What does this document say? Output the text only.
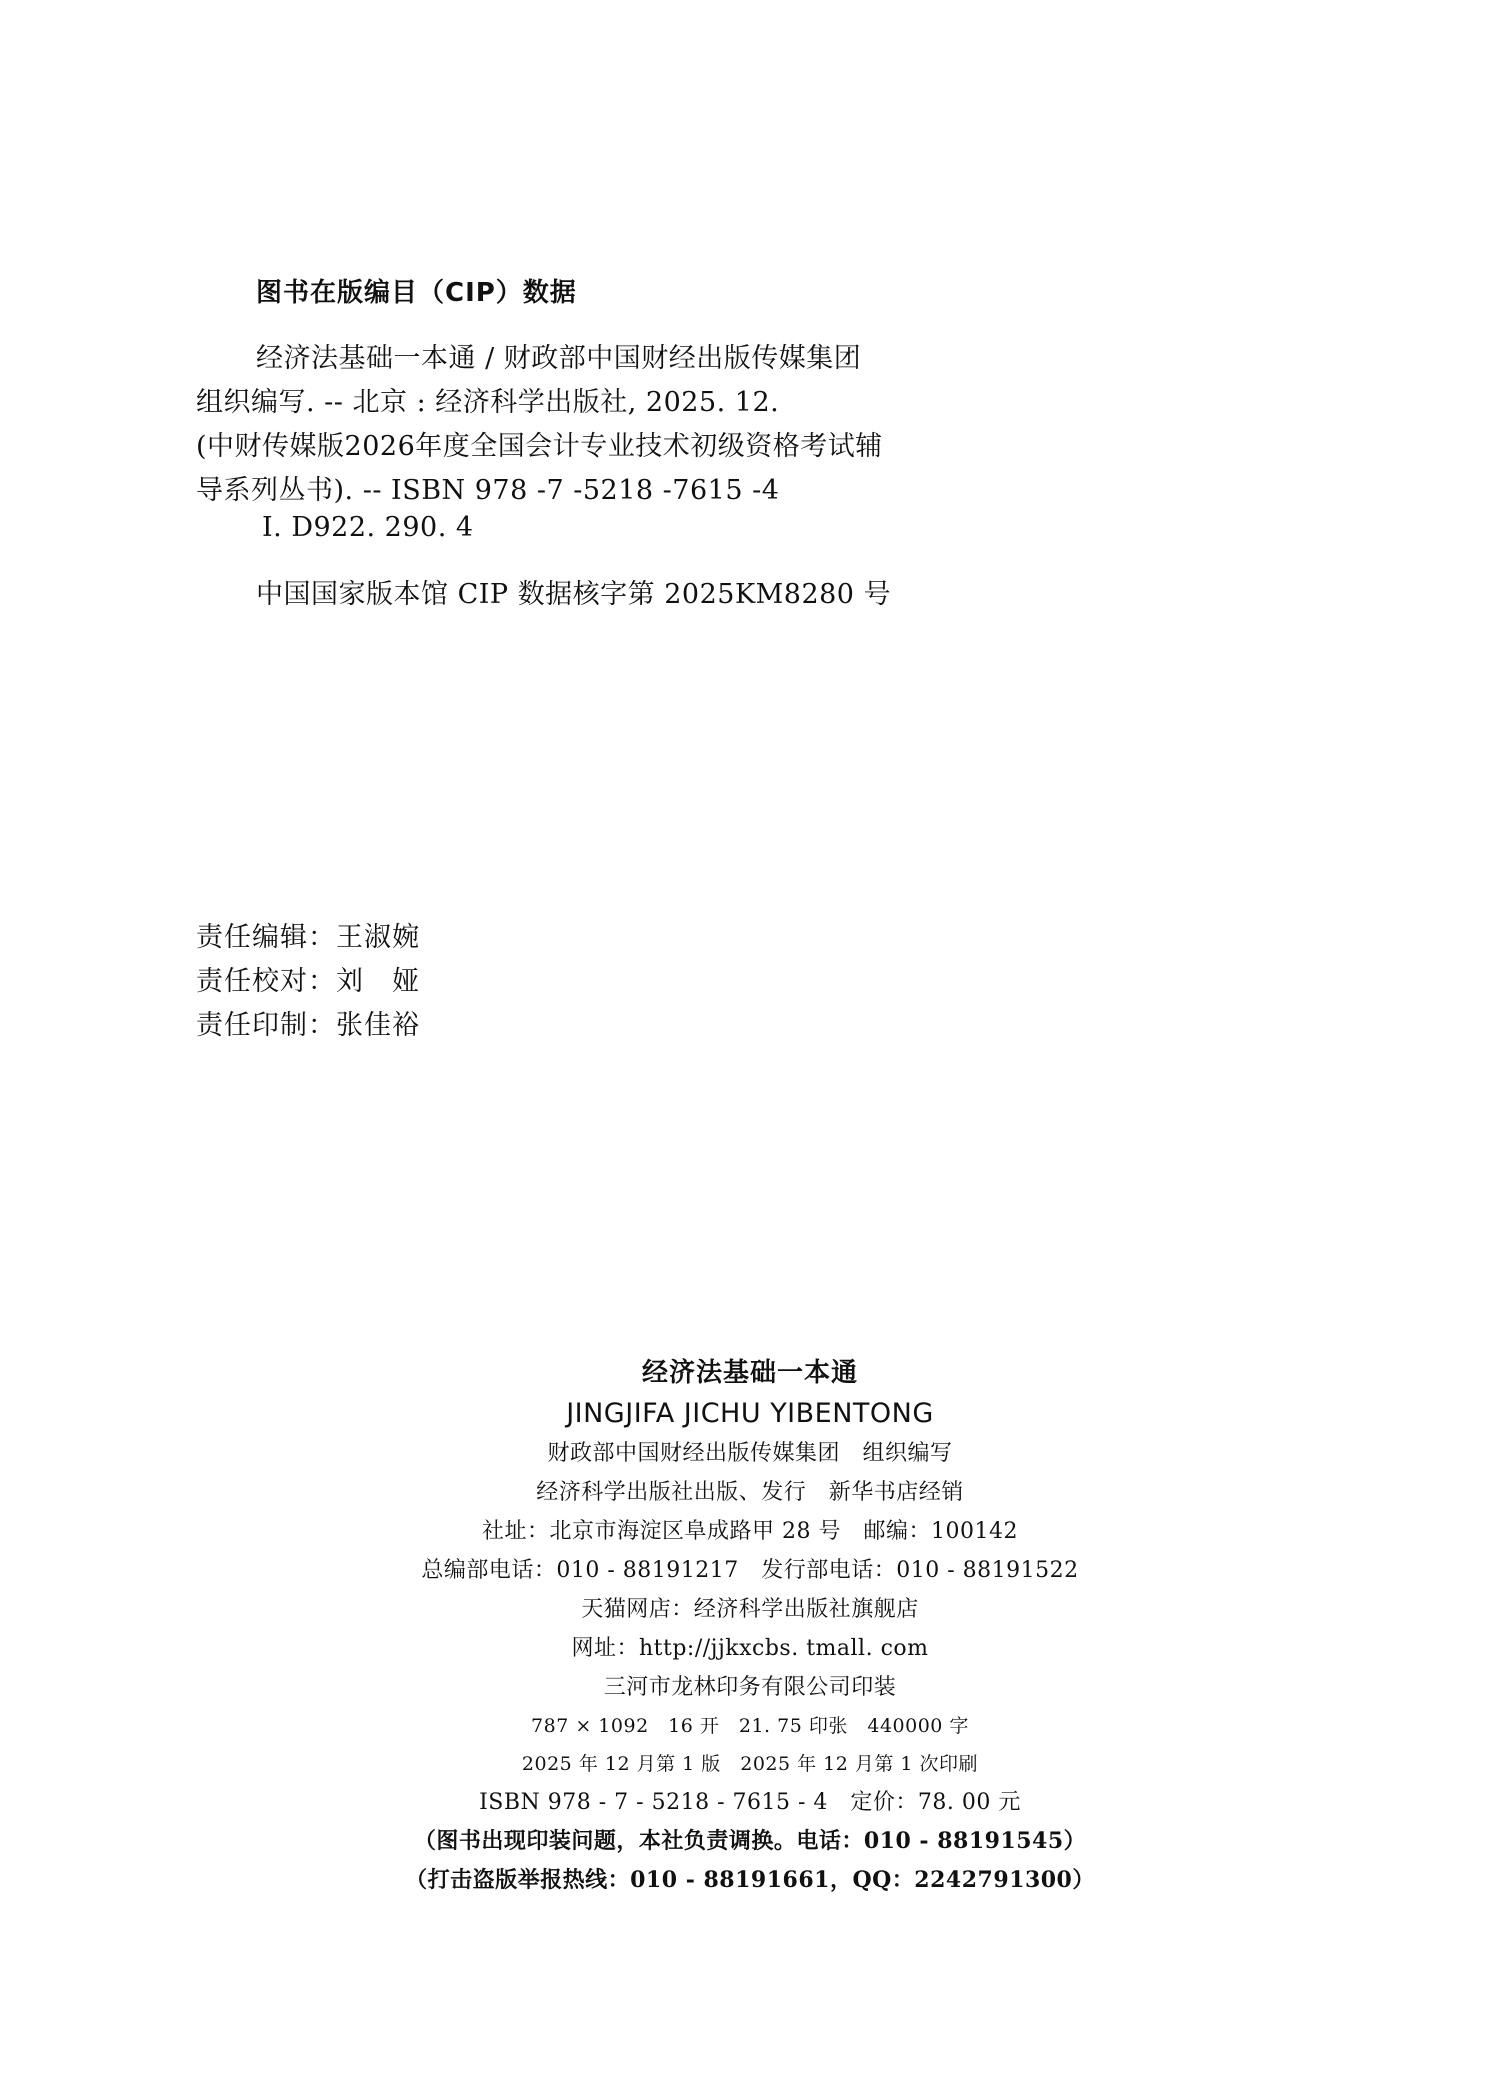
图书在版编目（CIP）数据
经济法基础一本通 / 财政部中国财经出版传媒集团
组织编写. -- 北京 : 经济科学出版社, 2025. 12.
(中财传媒版2026年度全国会计专业技术初级资格考试辅
导系列丛书). -- ISBN 978 -7 -5218 -7615 -4
Ⅰ. D922. 290. 4
中国国家版本馆 CIP 数据核字第 2025KM8280 号
责任编辑：王淑婉
责任校对：刘　娅
责任印制：张佳裕
经济法基础一本通
JINGJIFA JICHU YIBENTONG
财政部中国财经出版传媒集团　组织编写
经济科学出版社出版、发行　新华书店经销
社址：北京市海淀区阜成路甲 28 号　邮编：100142
总编部电话：010 - 88191217　发行部电话：010 - 88191522
天猫网店：经济科学出版社旗舰店
网址：http://jjkxcbs. tmall. com
三河市龙林印务有限公司印装
787 × 1092　16 开　21. 75 印张　440000 字
2025 年 12 月第 1 版　2025 年 12 月第 1 次印刷
ISBN 978 - 7 - 5218 - 7615 - 4　定价：78. 00 元
（图书出现印装问题，本社负责调换。电话：010 - 88191545）
（打击盗版举报热线：010 - 88191661，QQ：2242791300）
